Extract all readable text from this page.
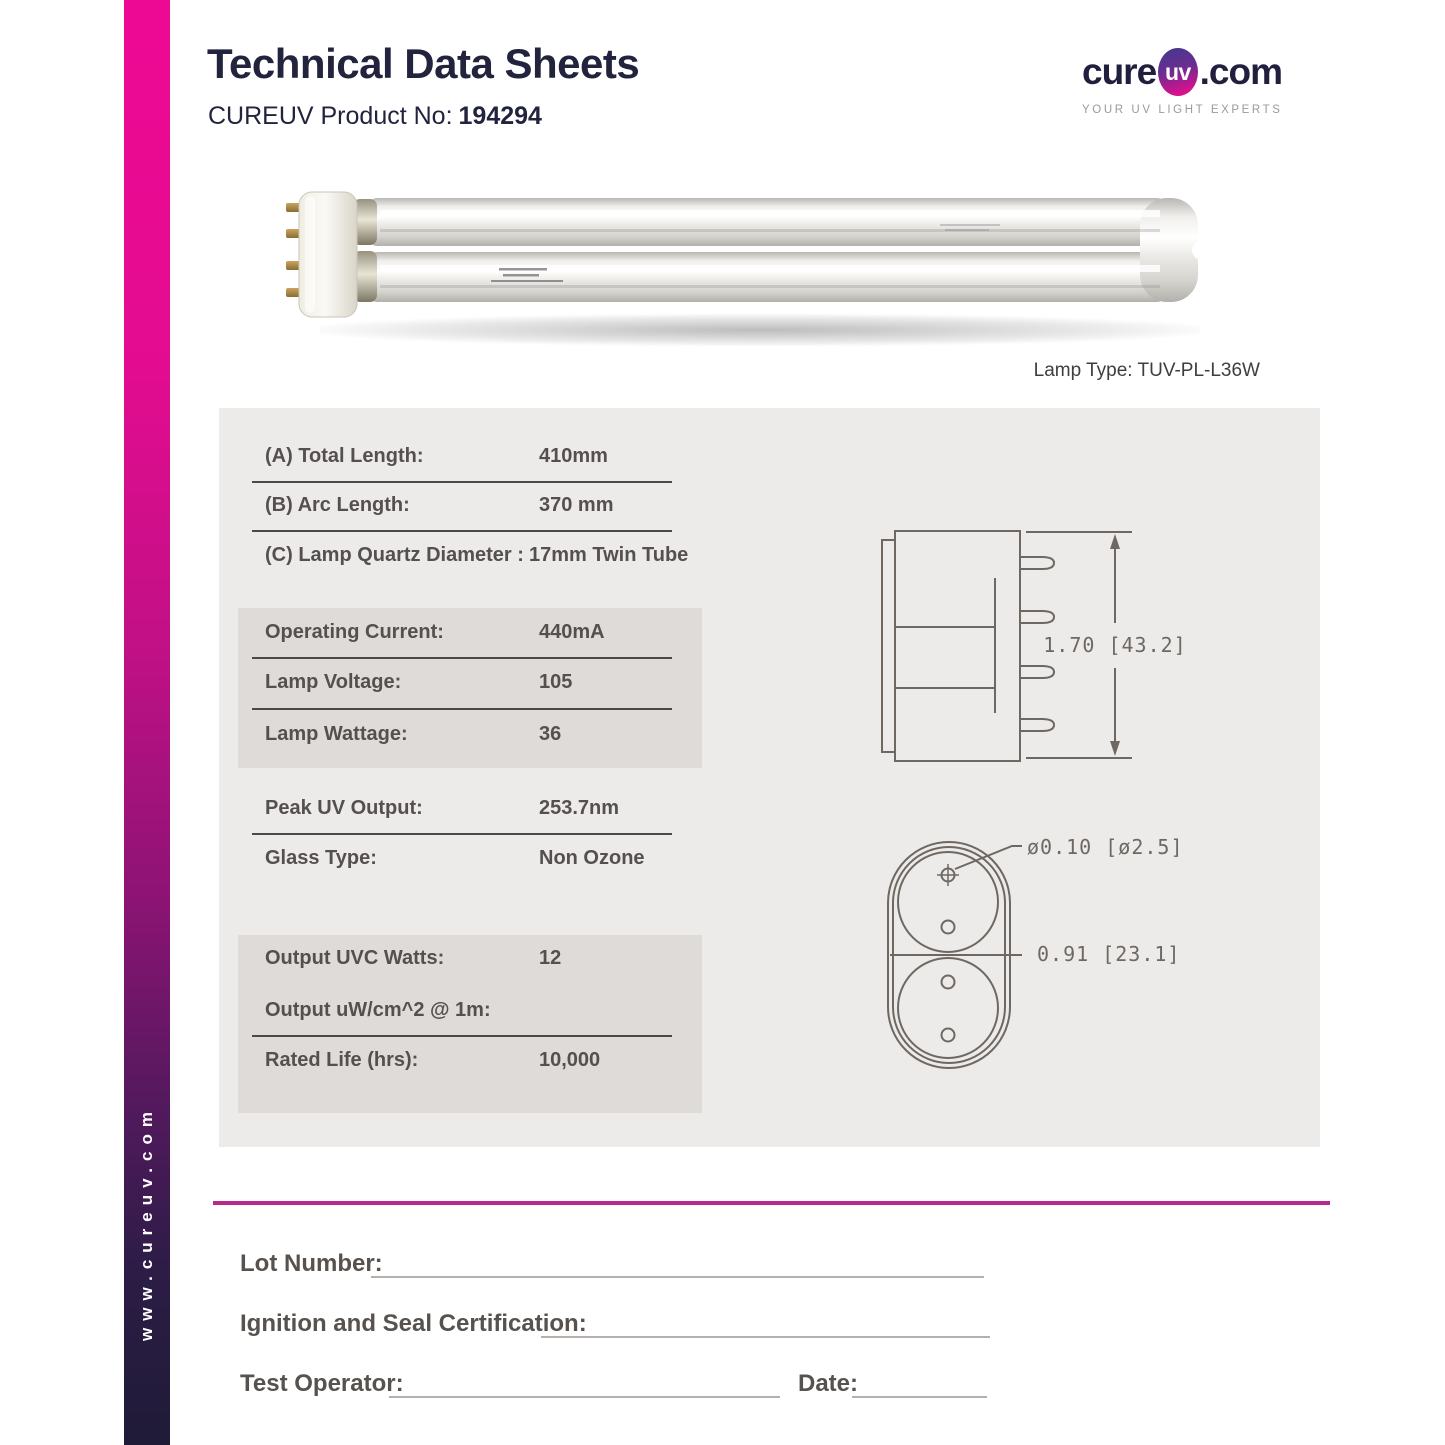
www.cureuv.com
Technical Data Sheets
CUREUV Product No: 194294
cure uv .com
YOUR UV LIGHT EXPERTS
Lamp Type: TUV-PL-L36W
(A) Total Length:	410mm
(B) Arc Length:	370 mm
(C) Lamp Quartz Diameter : 17mm Twin Tube
Operating Current:	440mA
Lamp Voltage:	105
Lamp Wattage:	36
Peak UV Output:	253.7nm
Glass Type:	Non Ozone
Output UVC Watts:	12
Output uW/cm^2 @ 1m:
Rated Life (hrs):	10,000
1.70 [43.2]
ø0.10 [ø2.5]
0.91 [23.1]
Lot Number:
Ignition and Seal Certification:
Test Operator:	Date:
